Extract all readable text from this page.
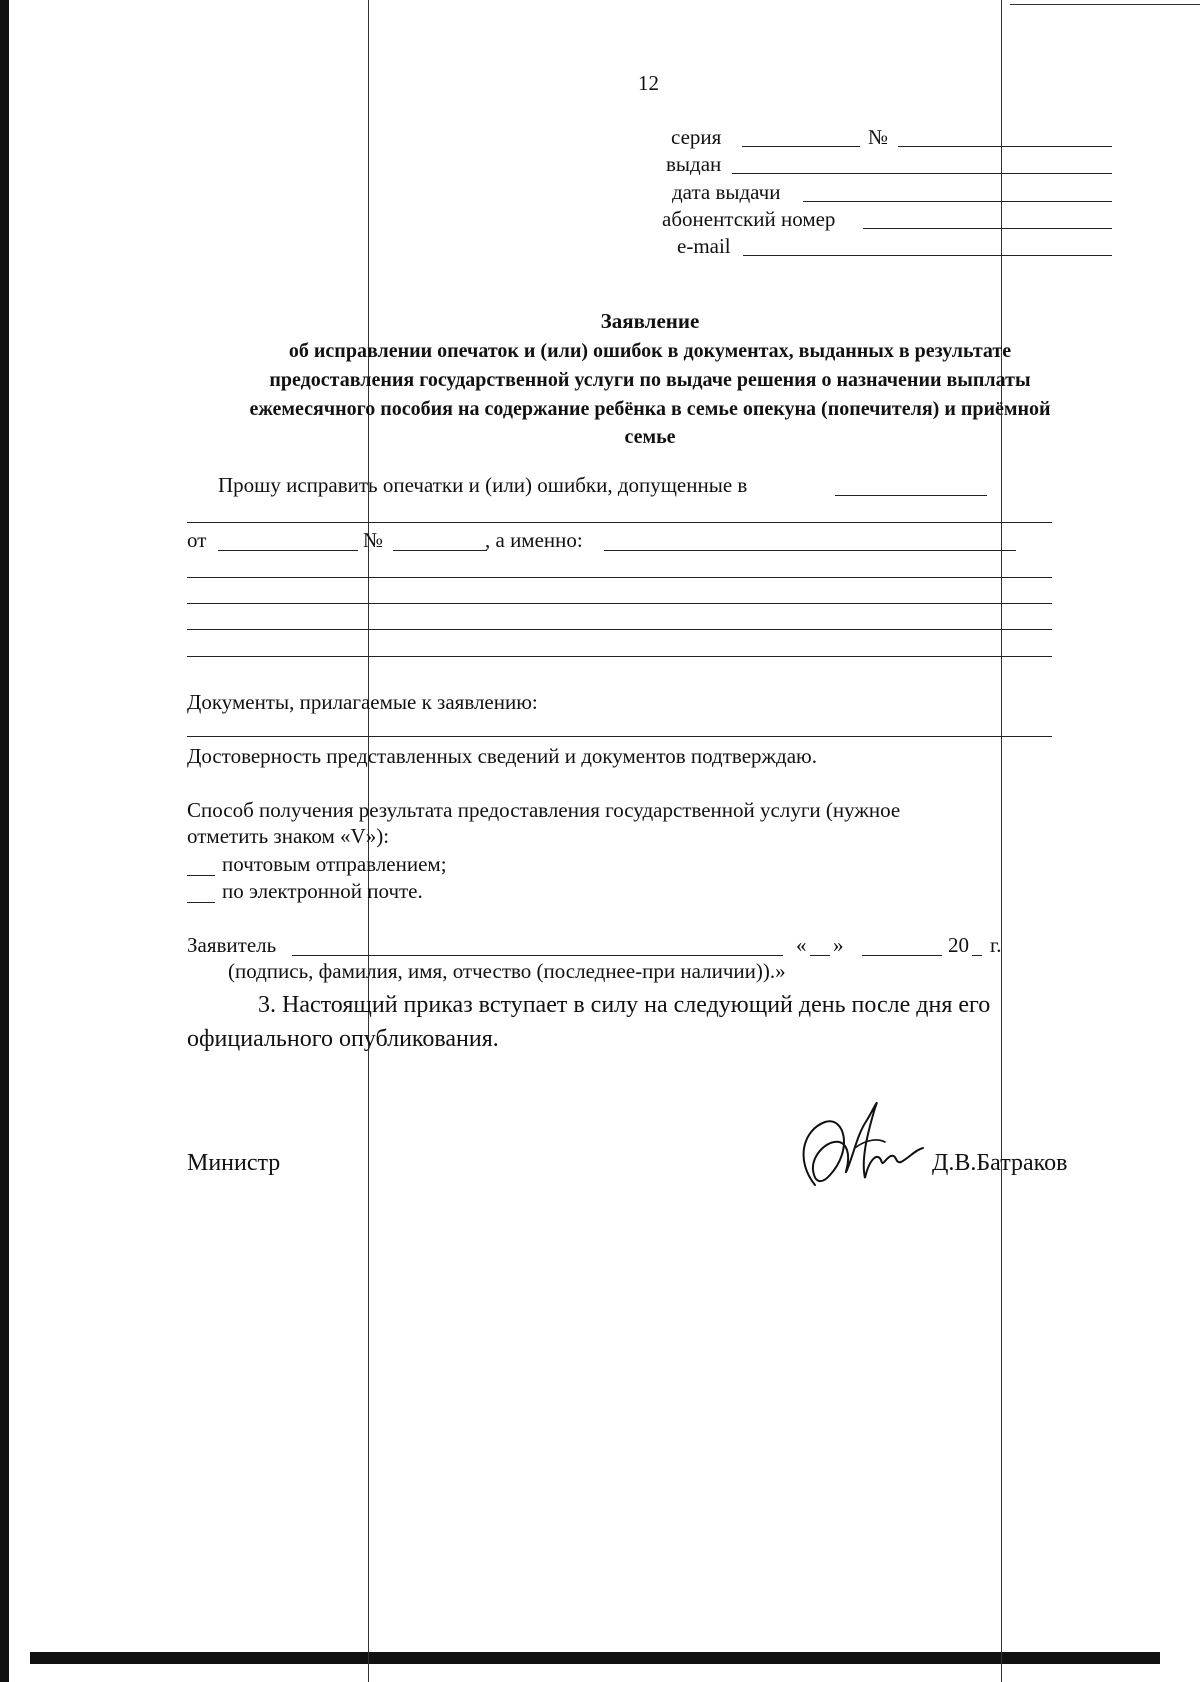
12
серия	№
выдан
дата выдачи
абонентский номер
e-mail
Заявление
об исправлении опечаток и (или) ошибок в документах, выданных в результате
предоставления государственной услуги по выдаче решения о назначении выплаты
ежемесячного пособия на содержание ребёнка в семье опекуна (попечителя) и приёмной
семье
Прошу исправить опечатки и (или) ошибки, допущенные в
от	№	, а именно:
Документы, прилагаемые к заявлению:
Достоверность представленных сведений и документов подтверждаю.
Способ получения результата предоставления государственной услуги (нужное
отметить знаком «V»):
почтовым отправлением;
по электронной почте.
Заявитель	« »	20 г.
(подпись, фамилия, имя, отчество (последнее-при наличии)).»
3. Настоящий приказ вступает в силу на следующий день после дня его
официального опубликования.
Министр	Д.В.Батраков
